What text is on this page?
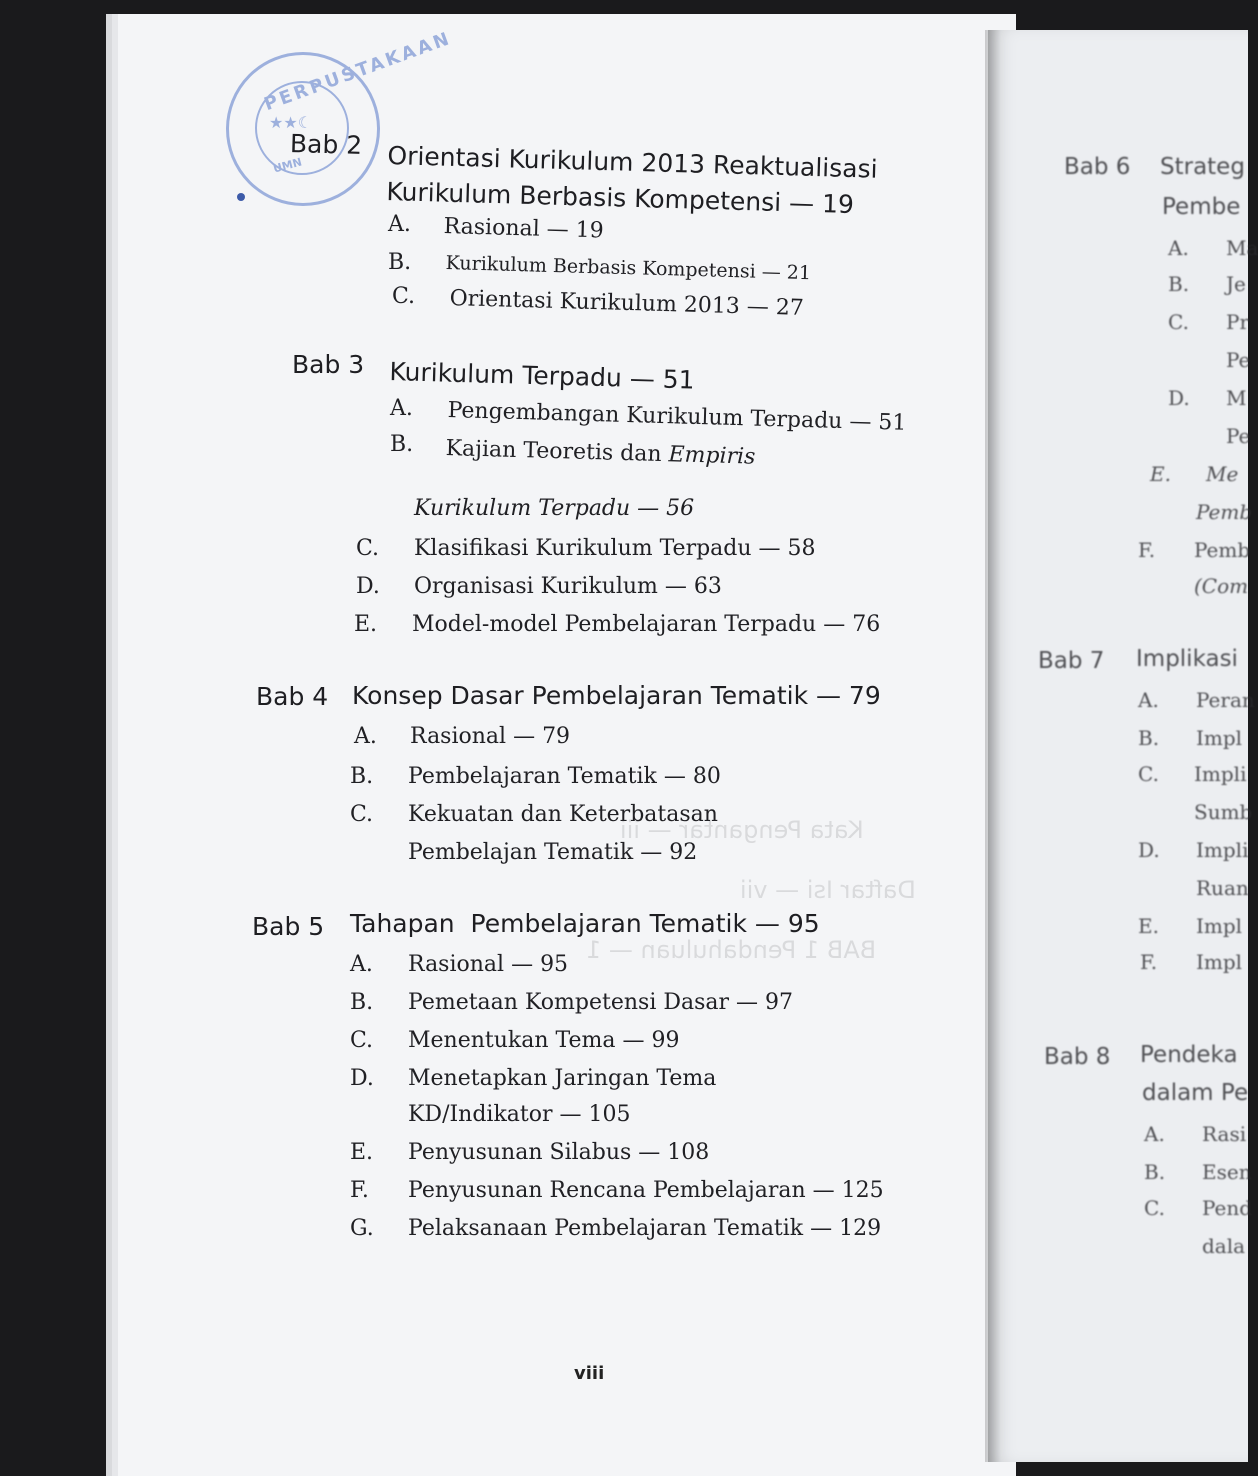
PERPUSTAKAAN
★★☾
UMN
Kata Pengantar — iii
Daftar Isi — vii
BAB 1 Pendahuluan — 1
Bab 2 Orientasi Kurikulum 2013 Reaktualisasi
Kurikulum Berbasis Kompetensi — 19
A. Rasional — 19
B. Kurikulum Berbasis Kompetensi — 21
C. Orientasi Kurikulum 2013 — 27
Bab 3 Kurikulum Terpadu — 51
A. Pengembangan Kurikulum Terpadu — 51
B. Kajian Teoretis dan Empiris
Kurikulum Terpadu — 56
C. Klasifikasi Kurikulum Terpadu — 58
D. Organisasi Kurikulum — 63
E. Model-model Pembelajaran Terpadu — 76
Bab 4 Konsep Dasar Pembelajaran Tematik — 79
A. Rasional — 79
B. Pembelajaran Tematik — 80
C. Kekuatan dan Keterbatasan
Pembelajan Tematik — 92
Bab 5 Tahapan  Pembelajaran Tematik — 95
A. Rasional — 95
B. Pemetaan Kompetensi Dasar — 97
C. Menentukan Tema — 99
D. Menetapkan Jaringan Tema
KD/Indikator — 105
E. Penyusunan Silabus — 108
F. Penyusunan Rencana Pembelajaran — 125
G. Pelaksanaan Pembelajaran Tematik — 129
viii
Bab 6 Strateg
Pembe
A. Ma
B. Je
C. Pr
Pe
D. M
Pe
E. Me
Pemb
F. Pemb
(Com
Bab 7 Implikasi
A. Peran
B. Impl
C. Impli
Sumb
D. Impli
Ruan
E. Impl
F. Impl
Bab 8 Pendeka
dalam Pe
A. Rasi
B. Esen
C. Pend
dala
